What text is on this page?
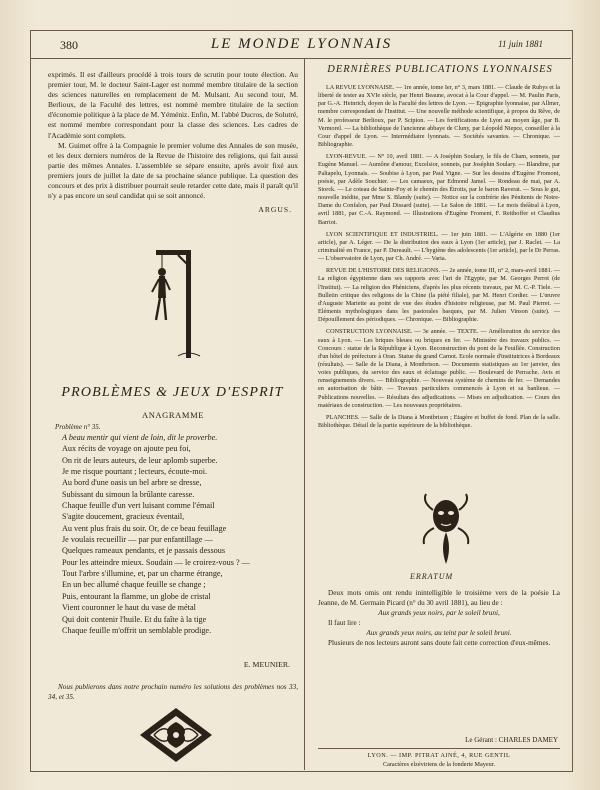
380	LE MONDE LYONNAIS	11 juin 1881

exprimés. Il est d'ailleurs procédé à trois tours de scrutin pour toute élection. Au premier tour, M. le docteur Saint-Lager est nommé membre titulaire de la section des sciences naturelles en remplacement de M. Mulsant. Au second tour, M. Berlioux, de la Faculté des lettres, est nommé membre titulaire de la section d'économie politique à la place de M. Yéméniz. Enfin, M. l'abbé Ducros, de Solutré, est nommé membre correspondant pour la classe des sciences. Les cadres de l'Académie sont complets.

M. Guimet offre à la Compagnie le premier volume des Annales de son musée, et les deux derniers numéros de la Revue de l'histoire des religions, qui fait aussi partie des mêmes Annales. L'assemblée se sépare ensuite, après avoir fixé aux premiers jours de juillet la date de sa prochaine séance publique. La question des concours et des prix à distribuer pourrait seule retarder cette date, mais il paraît qu'il n'y a pas encore un seul candidat qui se soit annoncé.

ARGUS.
PROBLÈMES & JEUX D'ESPRIT
ANAGRAMME
Problème n° 35.
A beau mentir qui vient de loin, dit le proverbe.
Aux récits de voyage on ajoute peu foi,
On rit de leurs auteurs, de leur aplomb superbe.
Je me risque pourtant ; lecteurs, écoute-moi.
Au bord d'une oasis un bel arbre se dresse,
Subissant du simoun la brûlante caresse.
Chaque feuille d'un vert luisant comme l'émail
S'agite doucement, gracieux éventail,
Au vent plus frais du soir. Or, de ce beau feuillage
Je voulais recueillir — par pur enfantillage —
Quelques rameaux pendants, et je passais dessous
Pour les atteindre mieux. Soudain — le croirez-vous ? —
Tout l'arbre s'illumine, et, par un charme étrange,
En un bec allumé chaque feuille se change ;
Puis, entourant la flamme, un globe de cristal
Vient couronner le haut du vase de métal
Qui doit contenir l'huile. Et du faîte à la tige
Chaque feuille m'offrit un semblable prodige.
E. MEUNIER.
Nous publierons dans notre prochain numéro les solutions des problèmes nos 33, 34, et 35.
DERNIÈRES PUBLICATIONS LYONNAISES

LA REVUE LYONNAISE. — 1re année, tome Ier, n° 3, mars 1881. — Claude de Rubys et la liberté de tester au XVIe siècle, par Henri Beaune, avocat à la Cour d'appel. — M. Paulin Paris, par G.-A. Heinrich, doyen de la Faculté des lettres de Lyon. — Epigraphie lyonnaise, par Allmer, membre correspondant de l'Institut. — Une nouvelle méthode scientifique, à propos du Rêve, de M. le professeur Berlioux, par P. Scipion. — Les fortifications de Lyon au moyen âge, par B. Vermorel. — La bibliothèque de l'ancienne abbaye de Cluny, par Léopold Niepce, conseiller à la Cour d'appel de Lyon. — Intermédiaire lyonnais. — Sociétés savantes. — Chronique. — Bibliographie.

LYON-REVUE. — N° 10, avril 1881. — A Joséphin Soulary, le fils de Cham, sonnets, par Eugène Manuel. — Aumône d'amour, Excelsior, sonnets, par Joséphin Soulary. — Blandine, par Paltapelu, Lyonnais. — Soubise à Lyon, par Paul Vigne. — Sur les dessins d'Eugène Fromont, poésie, par Adèle Souchier. — Les camaeux, par Edmond Jamel. — Rondeau de mai, par A. Storck. — Le coteau de Sainte-Foy et le chemin des Étroits, par le baron Raverat. — Sous le gui, nouvelle inédite, par Mme S. Blandy (suite). — Notice sur la confrérie des Pénitents de Notre-Dame du Confalon, par Paul Dissard (suite). — Le Salon de 1881. — Le mois théâtral à Lyon, avril 1881, par C.-A. Raymond. — Illustrations d'Eugène Froment, F. Reithoffer et Claudius Barriot.

LYON SCIENTIFIQUE ET INDUSTRIEL. — 1er juin 1881. — L'Algérie en 1880 (1er article), par A. Léger. — De la distribution des eaux à Lyon (1er article), par J. Raclet. — La criminalité en France, par P. Dureault. — L'hygiène des adolescents (1er article), par le Dr Perras. — L'observatoire de Lyon, par Ch. André. — Varia.

REVUE DE L'HISTOIRE DES RELIGIONS. — 2e année, tome III, n° 2, mars-avril 1881. — La religion égyptienne dans ses rapports avec l'art de l'Egypte, par M. Georges Perrot (de l'Institut). — La religion des Phéniciens, d'après les plus récents travaux, par M. C.-P. Tiele. — Bulletin critique des religions de la Chine (la piété filiale), par M. Henri Cordier. — L'œuvre d'Auguste Mariette au point de vue des études d'histoire religieuse, par M. Paul Pierret. — Eléments mythologiques dans les pastorales basques, par M. Julien Vinson (suite). — Dépouillement des périodiques. — Chronique. — Bibliographie.

CONSTRUCTION LYONNAISE. — 3e année. — TEXTE. — Amélioration du service des eaux à Lyon. — Les briques bleues ou briques en fer. — Ministère des travaux publics. — Concours : statue de la République à Lyon. Reconstruction du pont de la Feuillée. Construction d'un hôtel de préfecture à Oran. Statue du grand Carnot. Ecole normale d'institutrices à Bordeaux (résultats). — Salle de la Diana, à Montbrison. — Documents statistiques au 1er janvier, des voies publiques, du service des eaux et éclairage public. — Boulevard de Perrache. Avis et renseignements divers. — Bibliographie. — Nouveau système de chemins de fer. — Demandes en autorisation de bâtir. — Travaux particuliers commencés à Lyon et sa banlieue. — Publications nouvelles. — Résultats des adjudications. — Mises en adjudication. — Cours des matériaux de construction. — Les nouveaux propriétaires.

PLANCHES. — Salle de la Diana à Montbrison ; Etagère et buffet de fond. Plan de la salle. Bibliothèque. Détail de la partie supérieure de la bibliothèque.

ERRATUM

Deux mots omis ont rendu inintelligible le troisième vers de la poésie La Jeanne, de M. Germain Picard (n° du 30 avril 1881), au lieu de :

Aux grands yeux noirs, par le soleil bruni,

Il faut lire :

Aux grands yeux noirs, au teint par le soleil bruni.

Plusieurs de nos lecteurs auront sans doute fait cette correction d'eux-mêmes.

Le Gérant : CHARLES DAMEY
LYON. — IMP. PITRAT AINÉ, 4, RUE GENTIL
Caractères elzéviriens de la fonderie Mayeur.
